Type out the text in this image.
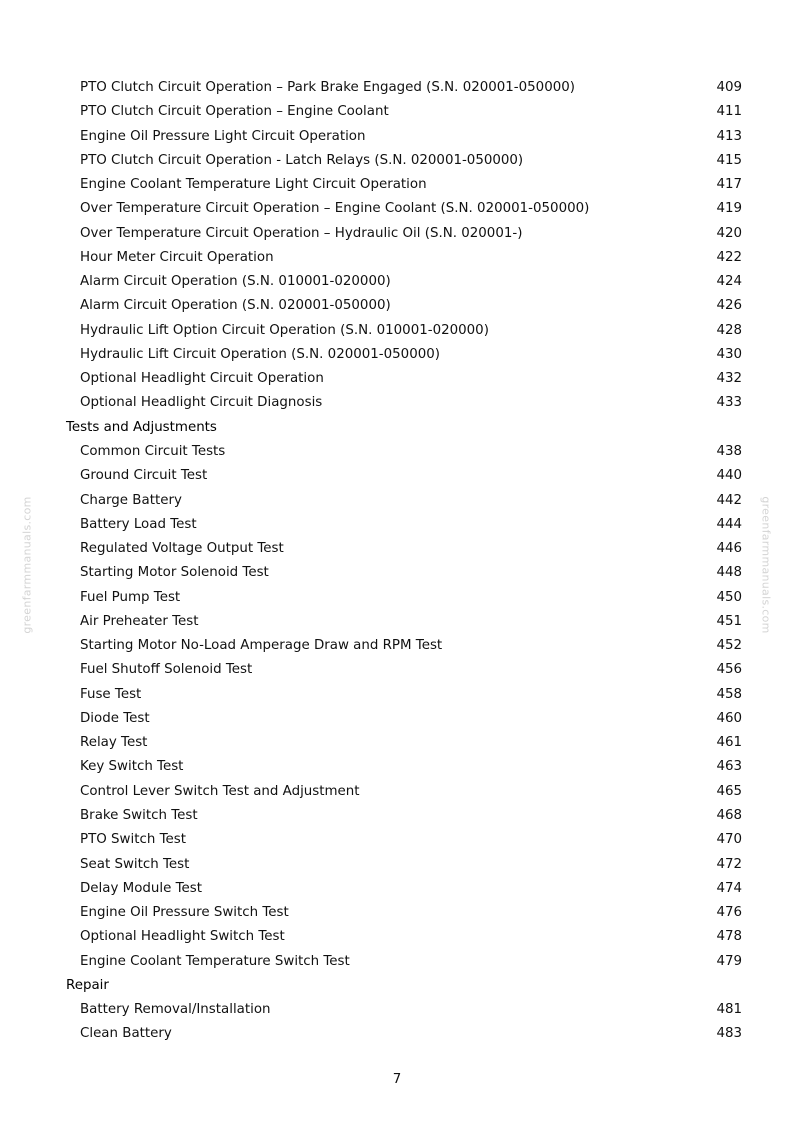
greenfarmmanuals.com	greenfarmmanuals.com
PTO Clutch Circuit Operation – Park Brake Engaged (S.N. 020001-050000)	409
PTO Clutch Circuit Operation – Engine Coolant	411
Engine Oil Pressure Light Circuit Operation	413
PTO Clutch Circuit Operation - Latch Relays (S.N. 020001-050000)	415
Engine Coolant Temperature Light Circuit Operation	417
Over Temperature Circuit Operation – Engine Coolant (S.N. 020001-050000)	419
Over Temperature Circuit Operation – Hydraulic Oil (S.N. 020001-)	420
Hour Meter Circuit Operation	422
Alarm Circuit Operation (S.N. 010001-020000)	424
Alarm Circuit Operation (S.N. 020001-050000)	426
Hydraulic Lift Option Circuit Operation (S.N. 010001-020000)	428
Hydraulic Lift Circuit Operation (S.N. 020001-050000)	430
Optional Headlight Circuit Operation	432
Optional Headlight Circuit Diagnosis	433
Tests and Adjustments
Common Circuit Tests	438
Ground Circuit Test	440
Charge Battery	442
Battery Load Test	444
Regulated Voltage Output Test	446
Starting Motor Solenoid Test	448
Fuel Pump Test	450
Air Preheater Test	451
Starting Motor No-Load Amperage Draw and RPM Test	452
Fuel Shutoff Solenoid Test	456
Fuse Test	458
Diode Test	460
Relay Test	461
Key Switch Test	463
Control Lever Switch Test and Adjustment	465
Brake Switch Test	468
PTO Switch Test	470
Seat Switch Test	472
Delay Module Test	474
Engine Oil Pressure Switch Test	476
Optional Headlight Switch Test	478
Engine Coolant Temperature Switch Test	479
Repair
Battery Removal/Installation	481
Clean Battery	483
7
